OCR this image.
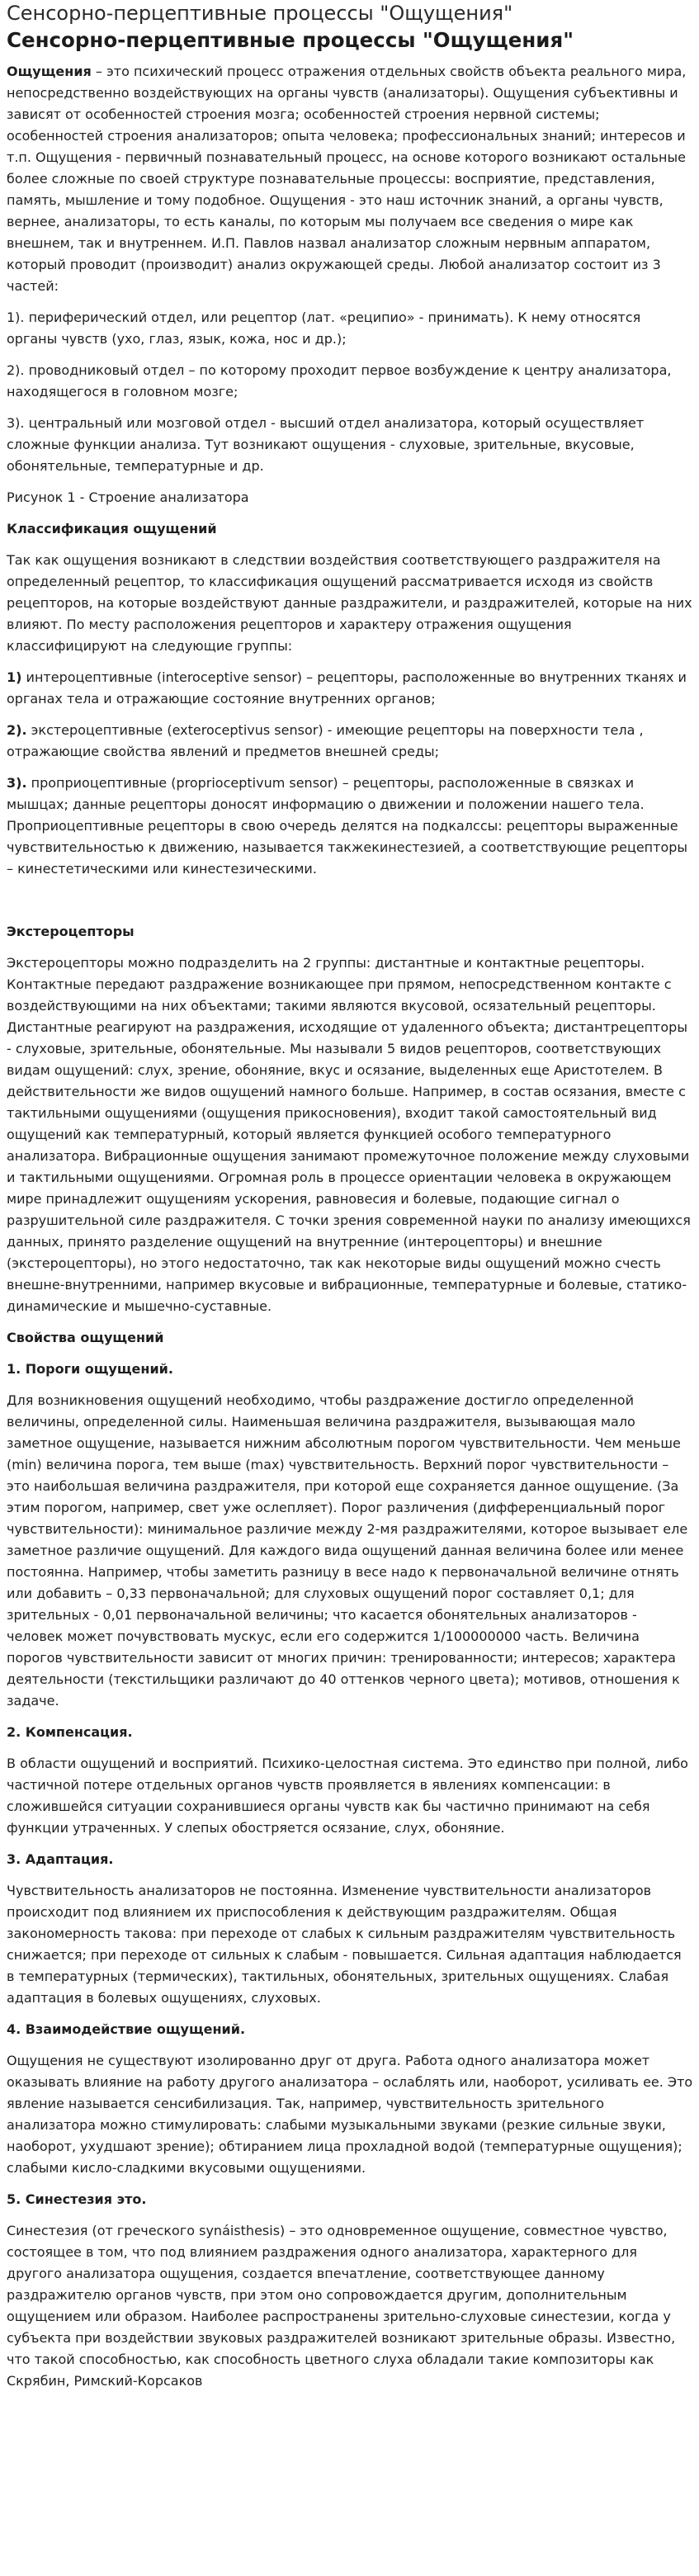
Сенсорно-перцептивные процессы "Ощущения"
Сенсорно-перцептивные процессы "Ощущения"

Ощущения – это психический процесс отражения отдельных свойств объекта реального мира, непосредственно воздействующих на органы чувств (анализаторы). Ощущения субъективны и зависят от особенностей строения мозга; особенностей строения нервной системы; особенностей строения анализаторов; опыта человека; профессиональных знаний; интересов и т.п. Ощущения - первичный познавательный процесс, на основе которого возникают остальные более сложные по своей структуре познавательные процессы: восприятие, представления, память, мышление и тому подобное. Ощущения - это наш источник знаний, а органы чувств, вернее, анализаторы, то есть каналы, по которым мы получаем все сведения о мире как внешнем, так и внутреннем. И.П. Павлов назвал анализатор сложным нервным аппаратом, который проводит (производит) анализ окружающей среды. Любой анализатор состоит из 3 частей:

1). периферический отдел, или рецептор (лат. «реципио» - принимать). К нему относятся органы чувств (ухо, глаз, язык, кожа, нос и др.);

2). проводниковый отдел – по которому проходит первое возбуждение к центру анализатора, находящегося в головном мозге;

3). центральный или мозговой отдел - высший отдел анализатора, который осуществляет сложные функции анализа. Тут возникают ощущения - слуховые, зрительные, вкусовые, обонятельные, температурные и др.

Рисунок 1 - Строение анализатора

Классификация ощущений

Так как ощущения возникают в следствии воздействия соответствующего раздражителя на определенный рецептор, то классификация ощущений рассматривается исходя из свойств рецепторов, на которые воздействуют данные раздражители, и раздражителей, которые на них влияют. По месту расположения рецепторов и характеру отражения ощущения классифицируют на следующие группы:

1) интероцептивные (interoceptive sensor) – рецепторы, расположенные во внутренних тканях и органах тела и отражающие состояние внутренних органов;

2). экстероцептивные (exteroceptivus sensor) - имеющие рецепторы на поверхности тела , отражающие свойства явлений и предметов внешней среды;

3). проприоцептивные (proprioceptivum sensor) – рецепторы, расположенные в связках и мышцах; данные рецепторы доносят информацию о движении и положении нашего тела. Проприоцептивные рецепторы в свою очередь делятся на подкалссы: рецепторы выраженные чувствительностью к движению, называется такжекинестезией, а соответствующие рецепторы – кинестетическими или кинестезическими.

Экстероцепторы

Экстероцепторы можно подразделить на 2 группы: дистантные и контактные рецепторы. Контактные передают раздражение возникающее при прямом, непосредственном контакте с воздействующими на них объектами; такими являются вкусовой, осязательный рецепторы. Дистантные реагируют на раздражения, исходящие от удаленного объекта; дистантрецепторы - слуховые, зрительные, обонятельные. Мы называли 5 видов рецепторов, соответствующих видам ощущений: слух, зрение, обоняние, вкус и осязание, выделенных еще Аристотелем. В действительности же видов ощущений намного больше. Например, в состав осязания, вместе с тактильными ощущениями (ощущения прикосновения), входит такой самостоятельный вид ощущений как температурный, который является функцией особого температурного анализатора. Вибрационные ощущения занимают промежуточное положение между слуховыми и тактильными ощущениями. Огромная роль в процессе ориентации человека в окружающем мире принадлежит ощущениям ускорения, равновесия и болевые, подающие сигнал о разрушительной силе раздражителя. С точки зрения современной науки по анализу имеющихся данных, принято разделение ощущений на внутренние (интероцепторы) и внешние (экстероцепторы), но этого недостаточно, так как некоторые виды ощущений можно счесть внешне-внутренними, например вкусовые и вибрационные, температурные и болевые, статико-динамические и мышечно-суставные.

Свойства ощущений
1. Пороги ощущений.

Для возникновения ощущений необходимо, чтобы раздражение достигло определенной величины, определенной силы. Наименьшая величина раздражителя, вызывающая мало заметное ощущение, называется нижним абсолютным порогом чувствительности. Чем меньше (min) величина порога, тем выше (max) чувствительность. Верхний порог чувствительности – это наибольшая величина раздражителя, при которой еще сохраняется данное ощущение. (За этим порогом, например, свет уже ослепляет). Порог различения (дифференциальный порог чувствительности): минимальное различие между 2-мя раздражителями, которое вызывает еле заметное различие ощущений. Для каждого вида ощущений данная величина более или менее постоянна. Например, чтобы заметить разницу в весе надо к первоначальной величине отнять или добавить – 0,33 первоначальной; для слуховых ощущений порог составляет 0,1; для зрительных - 0,01 первоначальной величины; что касается обонятельных анализаторов - человек может почувствовать мускус, если его содержится 1/100000000 часть. Величина порогов чувствительности зависит от многих причин: тренированности; интересов; характера деятельности (текстильщики различают до 40 оттенков черного цвета); мотивов, отношения к задаче.

2. Компенсация.

В области ощущений и восприятий. Психико-целостная система. Это единство при полной, либо частичной потере отдельных органов чувств проявляется в явлениях компенсации: в сложившейся ситуации сохранившиеся органы чувств как бы частично принимают на себя функции утраченных. У слепых обостряется осязание, слух, обоняние.

3. Адаптация.

Чувствительность анализаторов не постоянна. Изменение чувствительности анализаторов происходит под влиянием их приспособления к действующим раздражителям. Общая закономерность такова: при переходе от слабых к сильным раздражителям чувствительность снижается; при переходе от сильных к слабым - повышается. Сильная адаптация наблюдается в температурных (термических), тактильных, обонятельных, зрительных ощущениях. Слабая адаптация в болевых ощущениях, слуховых.

4. Взаимодействие ощущений.

Ощущения не существуют изолированно друг от друга. Работа одного анализатора может оказывать влияние на работу другого анализатора – ослаблять или, наоборот, усиливать ее. Это явление называется сенсибилизация. Так, например, чувствительность зрительного анализатора можно стимулировать: слабыми музыкальными звуками (резкие сильные звуки, наоборот, ухудшают зрение); обтиранием лица прохладной водой (температурные ощущения); слабыми кисло-сладкими вкусовыми ощущениями.

5. Синестезия это.

Синестезия (от греческого synáisthesis) – это одновременное ощущение, совместное чувство, состоящее в том, что под влиянием раздражения одного анализатора, характерного для другого анализатора ощущения, создается впечатление, соответствующее данному раздражителю органов чувств, при этом оно сопровождается другим, дополнительным ощущением или образом. Наиболее распространены зрительно-слуховые синестезии, когда у субъекта при воздействии звуковых раздражителей возникают зрительные образы. Известно, что такой способностью, как способность цветного слуха обладали такие композиторы как Скрябин, Римский-Корсаков
